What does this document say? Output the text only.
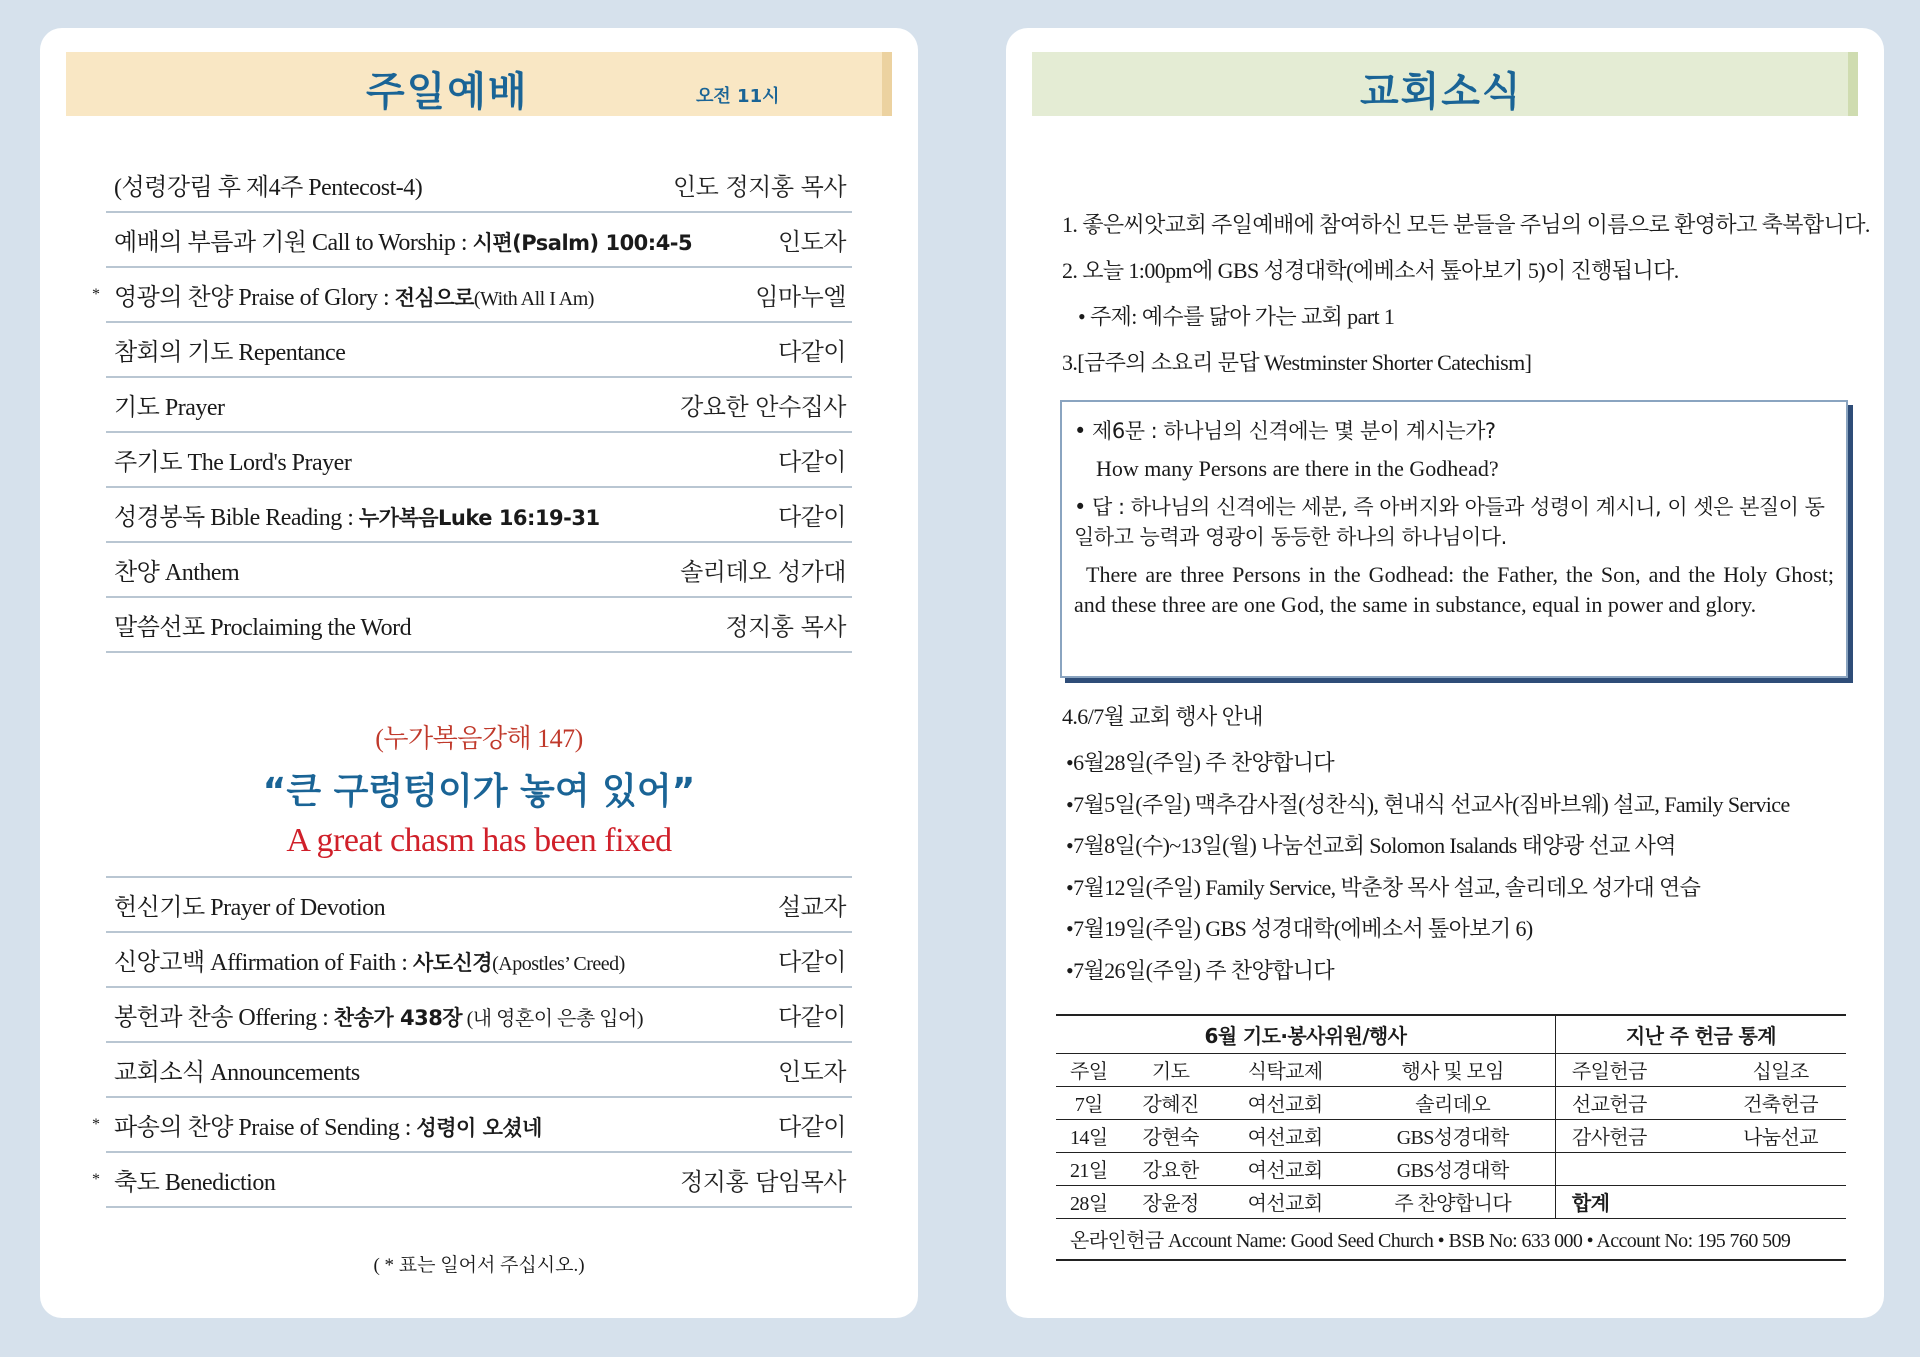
주일예배	오전 11시
(성령강림 후 제4주 Pentecost-4)	인도 정지홍 목사
예배의 부름과 기원 Call to Worship : 시편(Psalm) 100:4-5	인도자
* 영광의 찬양 Praise of Glory : 전심으로(With All I Am)	임마누엘
참회의 기도 Repentance	다같이
기도 Prayer	강요한 안수집사
주기도 The Lord's Prayer	다같이
성경봉독 Bible Reading : 누가복음Luke 16:19-31	다같이
찬양 Anthem	솔리데오 성가대
말씀선포 Proclaiming the Word	정지홍 목사
(누가복음강해 147)
“큰 구렁텅이가 놓여 있어”
A great chasm has been fixed
헌신기도 Prayer of Devotion	설교자
신앙고백 Affirmation of Faith : 사도신경(Apostles’ Creed)	다같이
봉헌과 찬송 Offering : 찬송가 438장 (내 영혼이 은총 입어)	다같이
교회소식 Announcements	인도자
* 파송의 찬양 Praise of Sending : 성령이 오셨네	다같이
* 축도 Benediction	정지홍 담임목사
( * 표는 일어서 주십시오.)
교회소식
1. 좋은씨앗교회 주일예배에 참여하신 모든 분들을 주님의 이름으로 환영하고 축복합니다.
2. 오늘 1:00pm에 GBS 성경대학(에베소서 톺아보기 5)이 진행됩니다.
• 주제: 예수를 닮아 가는 교회 part 1
3.[금주의 소요리 문답 Westminster Shorter Catechism]

• 제6문 : 하나님의 신격에는 몇 분이 계시는가?

How many Persons are there in the Godhead?

• 답 : 하나님의 신격에는 세분, 즉 아버지와 아들과 성령이 계시니, 이 셋은 본질이 동일하고 능력과 영광이 동등한 하나의 하나님이다.

There are three Persons in the Godhead: the Father, the Son, and the Holy Ghost; and these three are one God, the same in substance, equal in power and glory.

4.6/7월 교회 행사 안내
•6월28일(주일) 주 찬양합니다
•7월5일(주일) 맥추감사절(성찬식), 현내식 선교사(짐바브웨) 설교, Family Service
•7월8일(수)~13일(월) 나눔선교회 Solomon Isalands 태양광 선교 사역
•7월12일(주일) Family Service, 박춘창 목사 설교, 솔리데오 성가대 연습
•7월19일(주일) GBS 성경대학(에베소서 톺아보기 6)
•7월26일(주일) 주 찬양합니다
6월 기도·봉사위원/행사				지난 주 헌금 통계	
주일	기도	식탁교제	행사 및 모임	주일헌금	십일조
7일	강혜진	여선교회	솔리데오	선교헌금	건축헌금
14일	강현숙	여선교회	GBS성경대학	감사헌금	나눔선교
21일	강요한	여선교회	GBS성경대학		
28일	장윤정	여선교회	주 찬양합니다	합계	
온라인헌금 Account Name: Good Seed Church • BSB No: 633 000 • Account No: 195 760 509					
